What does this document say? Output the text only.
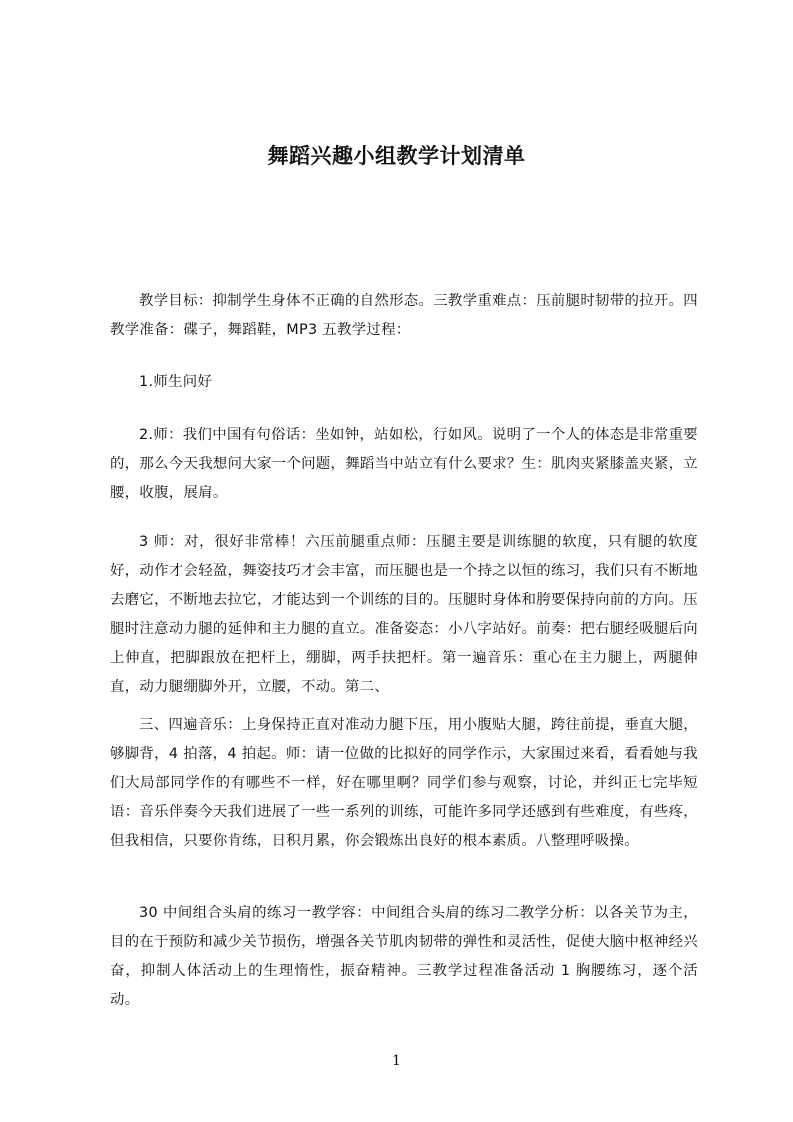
舞蹈兴趣小组教学计划清单

教学目标：抑制学生身体不正确的自然形态。三教学重难点：压前腿时韧带的拉开。四教学准备：碟子，舞蹈鞋，MP3 五教学过程：

1.师生问好

2.师：我们中国有句俗话：坐如钟，站如松，行如风。说明了一个人的体态是非常重要的，那么今天我想问大家一个问题，舞蹈当中站立有什么要求？生：肌肉夹紧膝盖夹紧，立腰，收腹，展肩。

3 师：对，很好非常棒！六压前腿重点师：压腿主要是训练腿的软度，只有腿的软度好，动作才会轻盈，舞姿技巧才会丰富，而压腿也是一个持之以恒的练习，我们只有不断地去磨它，不断地去拉它，才能达到一个训练的目的。压腿时身体和胯要保持向前的方向。压腿时注意动力腿的延伸和主力腿的直立。准备姿态：小八字站好。前奏：把右腿经吸腿后向上伸直，把脚跟放在把杆上，绷脚，两手扶把杆。第一遍音乐：重心在主力腿上，两腿伸直，动力腿绷脚外开，立腰，不动。第二、

三、四遍音乐：上身保持正直对准动力腿下压，用小腹贴大腿，跨往前提，垂直大腿，够脚背，4 拍落，4 拍起。师：请一位做的比拟好的同学作示，大家围过来看，看看她与我们大局部同学作的有哪些不一样，好在哪里啊？同学们参与观察，讨论，并纠正七完毕短语：音乐伴奏今天我们进展了一些一系列的训练，可能许多同学还感到有些难度，有些疼，但我相信，只要你肯练，日积月累，你会锻炼出良好的根本素质。八整理呼吸操。

30 中间组合头肩的练习一教学容：中间组合头肩的练习二教学分析：以各关节为主，目的在于预防和减少关节损伤，增强各关节肌肉韧带的弹性和灵活性，促使大脑中枢神经兴奋，抑制人体活动上的生理惰性，振奋精神。三教学过程准备活动 1 胸腰练习，逐个活动。

1
